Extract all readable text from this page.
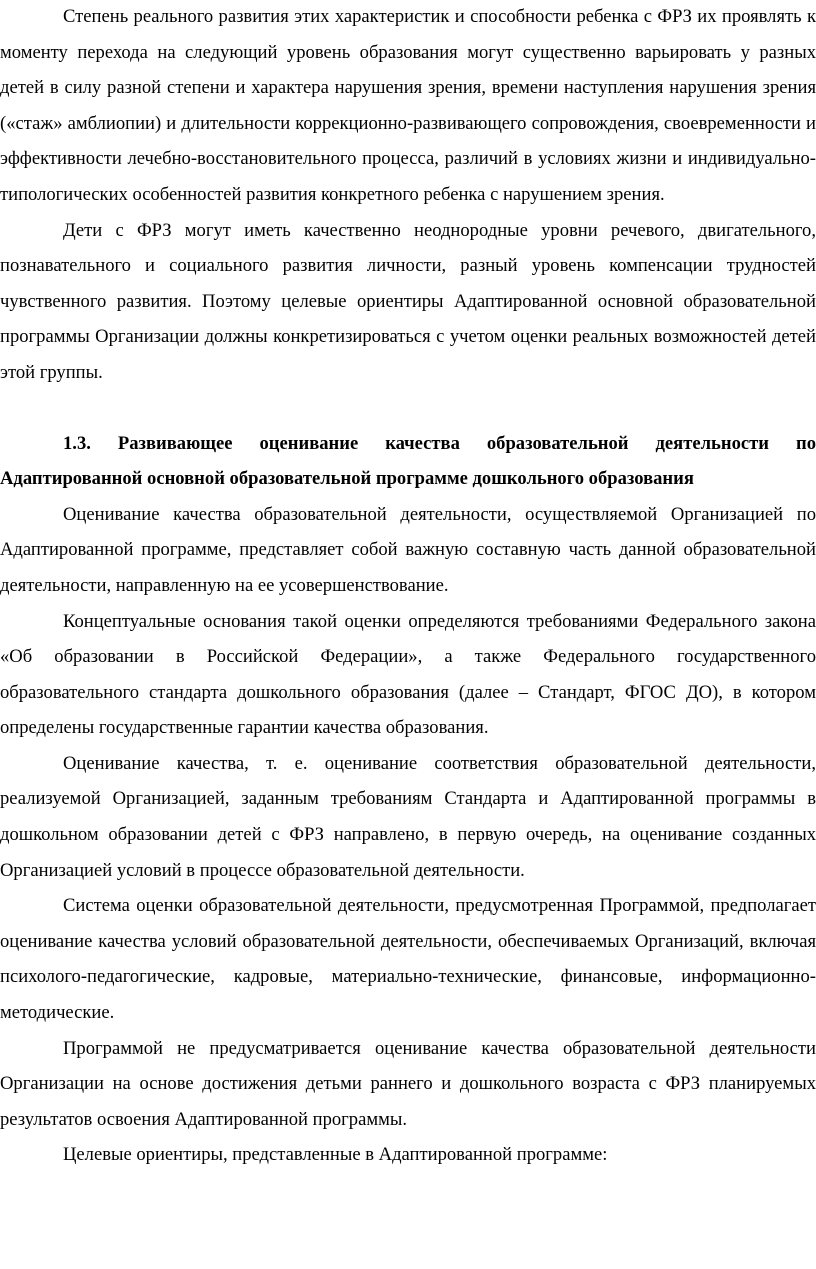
Степень реального развития этих характеристик и способности ребенка с ФРЗ их проявлять к моменту перехода на следующий уровень образования могут существенно варьировать у разных детей в силу разной степени и характера нарушения зрения, времени наступления нарушения зрения («стаж» амблиопии) и длительности коррекционно-развивающего сопровождения, своевременности и эффективности лечебно-восстановительного процесса, различий в условиях жизни и индивидуально-типологических особенностей развития конкретного ребенка с нарушением зрения.

Дети с ФРЗ могут иметь качественно неоднородные уровни речевого, двигательного, познавательного и социального развития личности, разный уровень компенсации трудностей чувственного развития. Поэтому целевые ориентиры Адаптированной основной образовательной программы Организации должны конкретизироваться с учетом оценки реальных возможностей детей этой группы.

1.3. Развивающее оценивание качества образовательной деятельности по Адаптированной основной образовательной программе дошкольного образования

Оценивание качества образовательной деятельности, осуществляемой Организацией по Адаптированной программе, представляет собой важную составную часть данной образовательной деятельности, направленную на ее усовершенствование.

Концептуальные основания такой оценки определяются требованиями Федерального закона «Об образовании в Российской Федерации», а также Федерального государственного образовательного стандарта дошкольного образования (далее – Стандарт, ФГОС ДО), в котором определены государственные гарантии качества образования.

Оценивание качества, т. е. оценивание соответствия образовательной деятельности, реализуемой Организацией, заданным требованиям Стандарта и Адаптированной программы в дошкольном образовании детей с ФРЗ направлено, в первую очередь, на оценивание созданных Организацией условий в процессе образовательной деятельности.

Система оценки образовательной деятельности, предусмотренная Программой, предполагает оценивание качества условий образовательной деятельности, обеспечиваемых Организаций, включая психолого-педагогические, кадровые, материально-технические, финансовые, информационно-методические.

Программой не предусматривается оценивание качества образовательной деятельности Организации на основе достижения детьми раннего и дошкольного возраста с ФРЗ планируемых результатов освоения Адаптированной программы.

Целевые ориентиры, представленные в Адаптированной программе:
